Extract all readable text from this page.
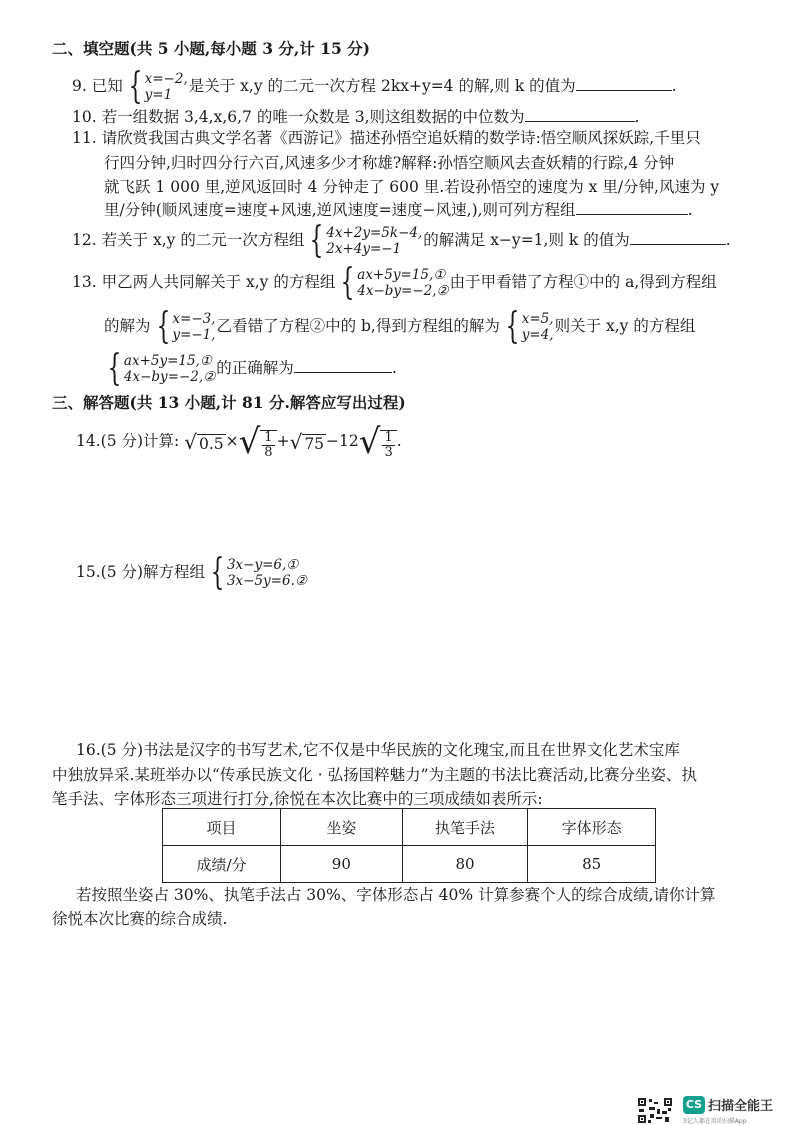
二、填空题(共 5 小题,每小题 3 分,计 15 分)
9. 已知 { x=−2,
y=1	是关于 x,y 的二元一次方程 2kx+y=4 的解,则 k 的值为	.
10. 若一组数据 3,4,x,6,7 的唯一众数是 3,则这组数据的中位数为	.
11. 请欣赏我国古典文学名著《西游记》描述孙悟空追妖精的数学诗:悟空顺风探妖踪,千里只
行四分钟,归时四分行六百,风速多少才称雄?解释:孙悟空顺风去查妖精的行踪,4 分钟
就飞跃 1 000 里,逆风返回时 4 分钟走了 600 里.若设孙悟空的速度为 x 里/分钟,风速为 y
里/分钟(顺风速度=速度+风速,逆风速度=速度−风速,),则可列方程组	.
12. 若关于 x,y 的二元一次方程组 { 4x+2y=5k−4,
2x+4y=−1	的解满足 x−y=1,则 k 的值为	.
13. 甲乙两人共同解关于 x,y 的方程组 { ax+5y=15,①
4x−by=−2,② 由于甲看错了方程①中的 a,得到方程组
的解为 { x=−3,
y=−1, 乙看错了方程②中的 b,得到方程组的解为 { x=5,
y=4, 则关于 x,y 的方程组
{ ax+5y=15,①
4x−by=−2,② 的正确解为	.
三、解答题(共 13 小题,计 81 分.解答应写出过程)
14.(5 分)计算: √ 0.5 × √ $\frac{1}{8}$ + √ 75 −12 √ $\frac{1}{3}$ .
15.(5 分)解方程组 { 3x−y=6,①
3x−5y=6.②
16.(5 分)书法是汉字的书写艺术,它不仅是中华民族的文化瑰宝,而且在世界文化艺术宝库
中独放异采.某班举办以“传承民族文化 · 弘扬国粹魅力”为主题的书法比赛活动,比赛分坐姿、执
笔手法、字体形态三项进行打分,徐悦在本次比赛中的三项成绩如表所示:
项目	坐姿	执笔手法	字体形态
成绩/分	90	80	85
若按照坐姿占 30%、执笔手法占 30%、字体形态占 40% 计算参赛个人的综合成绩,请你计算
徐悦本次比赛的综合成绩.
CS 扫描全能王
3亿人都在用的扫描App
